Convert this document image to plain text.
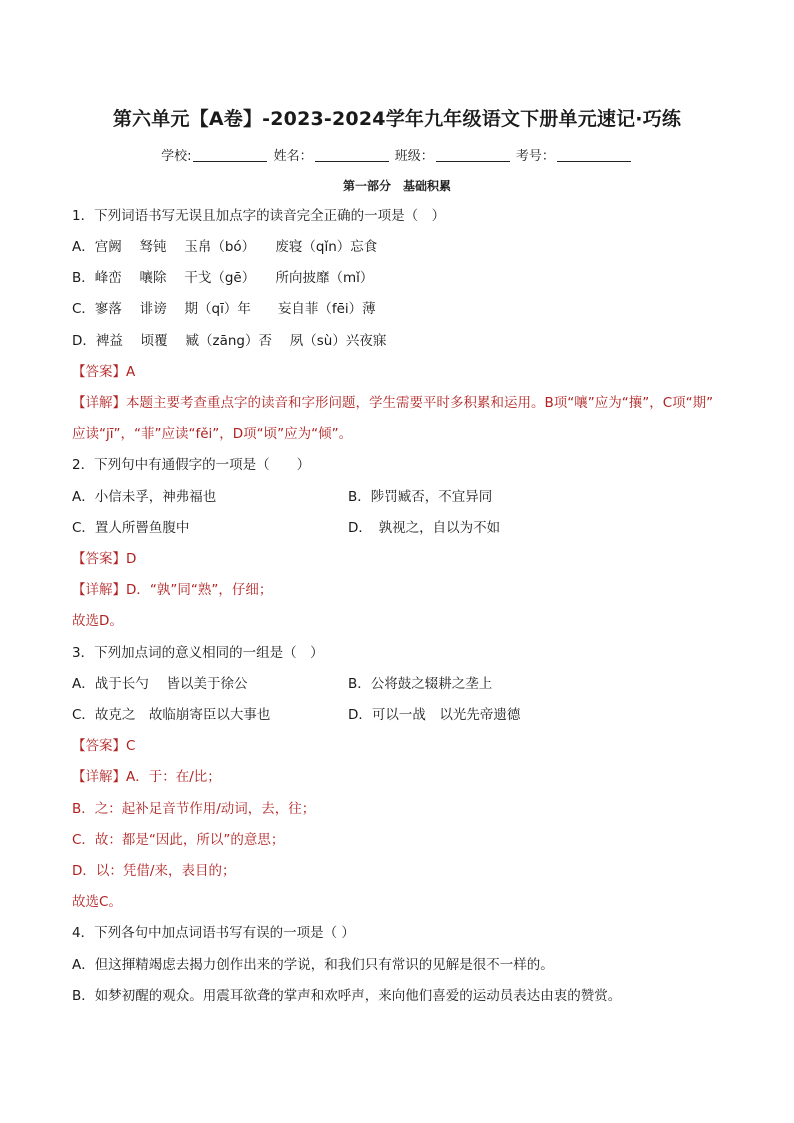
第六单元【A卷】-2023-2024学年九年级语文下册单元速记·巧练
学校:	姓名：	班级：	考号：
第一部分　基础积累
1．下列词语书写无误且加点字的读音完全正确的一项是（　）
A．宫阙　 驽钝　 玉帛（bó）　　废寝（qǐn）忘食
B．峰峦　 嚷除　 干戈（gē）　　所向披靡（mǐ）
C．寥落　 诽谤　 期（qī）年　　妄自菲（fēi）薄
D．裨益　 顷覆　 臧（zāng）否　 夙（sù）兴夜寐
【答案】A
【详解】本题主要考查重点字的读音和字形问题，学生需要平时多积累和运用。B项“嚷”应为“攘”，C项“期”
应读“jī”，“菲”应读“fěi”，D项“顷”应为“倾”。
2．下列句中有通假字的一项是（　　）
A．小信未孚，神弗福也	B．陟罚臧否，不宜异同
C．置人所罾鱼腹中	D．　孰视之，自以为不如
【答案】D
【详解】D．“孰”同“熟”，仔细；
故选D。
3．下列加点词的意义相同的一组是（　）
A．战于长勺　 皆以美于徐公	B．公将鼓之辍耕之垄上
C．故克之　故临崩寄臣以大事也	D．可以一战　以光先帝遗德
【答案】C
【详解】A．于：在/比；
B．之：起补足音节作用/动词，去，往；
C．故：都是“因此，所以”的意思；
D．以：凭借/来，表目的；
故选C。
4．下列各句中加点词语书写有误的一项是（ ）
A．但这揮精竭虑去揭力创作出来的学说，和我们只有常识的见解是很不一样的。
B．如梦初醒的观众。用震耳欲聋的掌声和欢呼声，来向他们喜爱的运动员表达由衷的赞赏。
